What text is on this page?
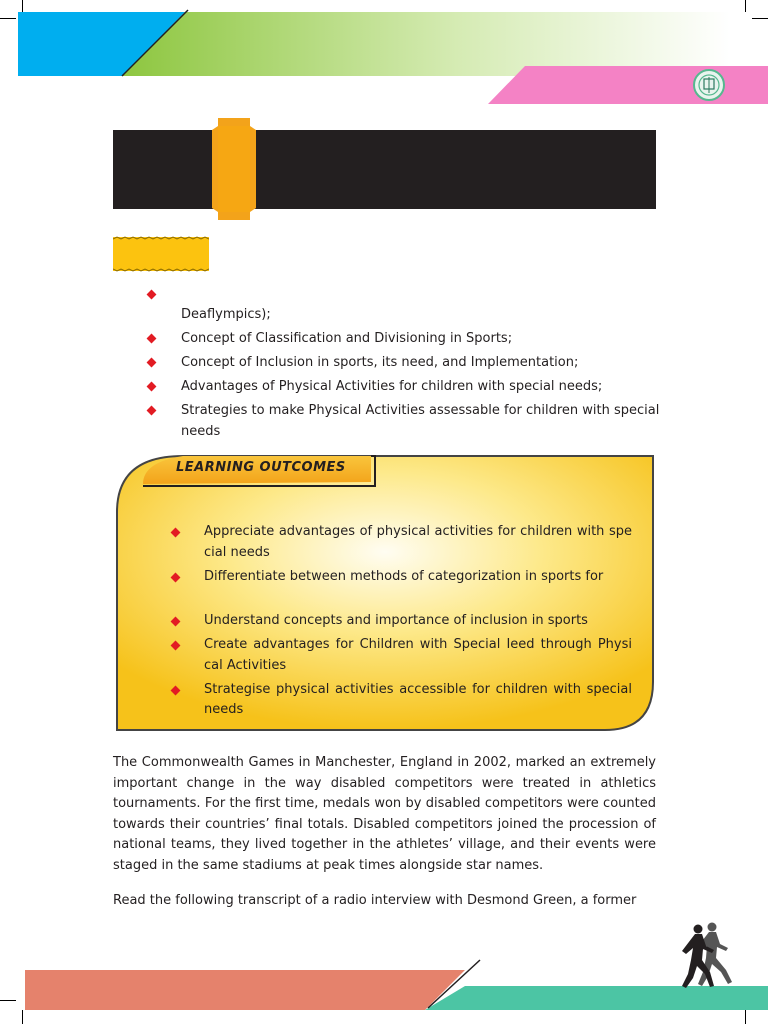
Deaflympics);
Concept of Classification and Divisioning in Sports;
Concept of Inclusion in sports, its need, and Implementation;
Advantages of Physical Activities for children with special needs;
Strategies to make Physical Activities assessable for children with special needs
LEARNING OUTCOMES
Appreciate advantages of physical activities for children with spe cial needs
Differentiate between methods of categorization in sports for
Understand concepts and importance of inclusion in sports
Create advantages for Children with Special Ieed through Physi cal Activities
Strategise physical activities accessible for children with special needs

The Commonwealth Games in Manchester, England in 2002, marked an extremely important change in the way disabled competitors were treated in athletics tournaments. For the first time, medals won by disabled competitors were counted towards their countries’ final totals. Disabled competitors joined the procession of national teams, they lived together in the athletes’ village, and their events were staged in the same stadiums at peak times alongside star names.

Read the following transcript of a radio interview with Desmond Green, a former
